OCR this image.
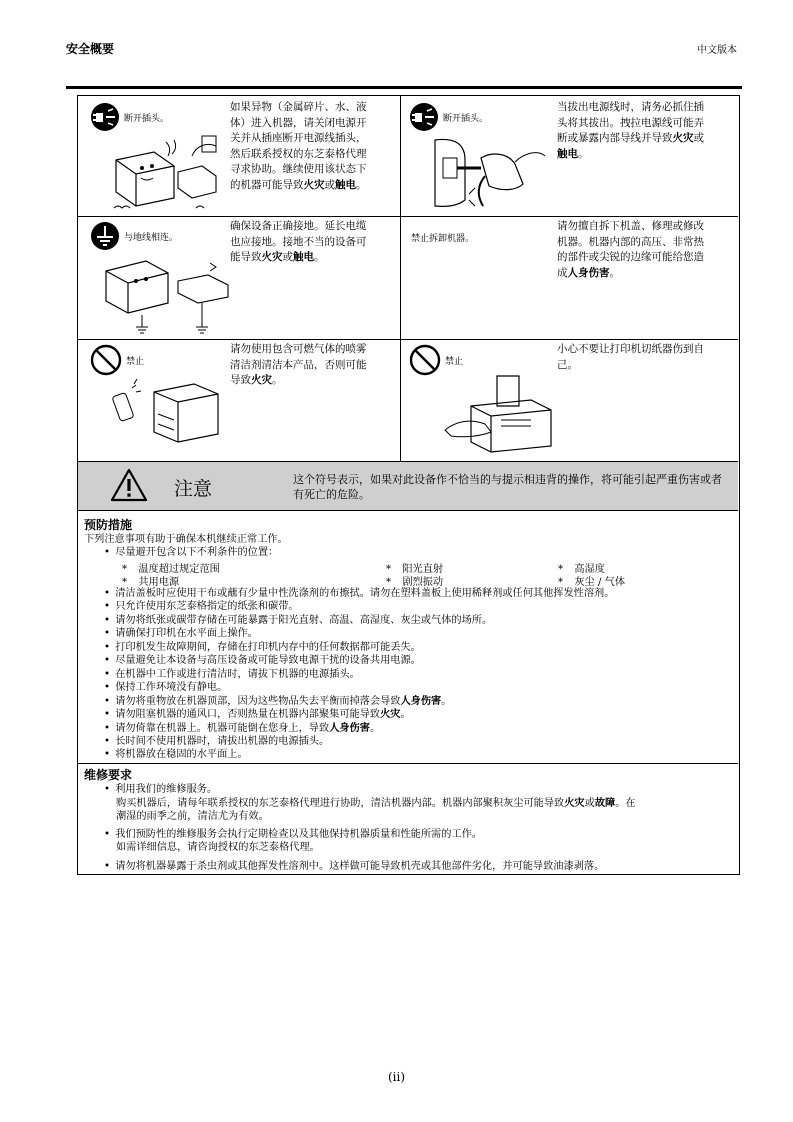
安全概要	中文版本
断开插头。
如果异物（金属碎片、水、液
体）进入机器，请关闭电源开
关并从插座断开电源线插头，
然后联系授权的东芝泰格代理
寻求协助。继续使用该状态下
的机器可能导致火灾或触电。
断开插头。
当拔出电源线时，请务必抓住插
头将其拔出。拽拉电源线可能弄
断或暴露内部导线并导致火灾或
触电。
与地线相连。
确保设备正确接地。延长电缆
也应接地。接地不当的设备可
能导致火灾或触电。
禁止拆卸机器。
请勿擅自拆下机盖、修理或修改
机器。机器内部的高压、非常热
的部件或尖锐的边缘可能给您造
成人身伤害。
禁止
请勿使用包含可燃气体的喷雾
清洁剂清洁本产品，否则可能
导致火灾。
禁止
小心不要让打印机切纸器伤到自
己。
注意	这个符号表示，如果对此设备作不恰当的与提示相违背的操作，将可能引起严重伤害或者有死亡的危险。
预防措施
下列注意事项有助于确保本机继续正常工作。
• 尽量避开包含以下不利条件的位置：
* 温度超过规定范围	* 阳光直射	* 高湿度
* 共用电源	* 剧烈振动	* 灰尘 / 气体
• 清洁盖板时应使用干布或蘸有少量中性洗涤剂的布擦拭。请勿在塑料盖板上使用稀释剂或任何其他挥发性溶剂。
• 只允许使用东芝泰格指定的纸张和碳带。
• 请勿将纸张或碳带存储在可能暴露于阳光直射、高温、高湿度、灰尘或气体的场所。
• 请确保打印机在水平面上操作。
• 打印机发生故障期间，存储在打印机内存中的任何数据都可能丢失。
• 尽量避免让本设备与高压设备或可能导致电源干扰的设备共用电源。
• 在机器中工作或进行清洁时，请拔下机器的电源插头。
• 保持工作环境没有静电。
• 请勿将重物放在机器顶部，因为这些物品失去平衡而掉落会导致人身伤害。
• 请勿阻塞机器的通风口，否则热量在机器内部聚集可能导致火灾。
• 请勿倚靠在机器上。机器可能倒在您身上，导致人身伤害。
• 长时间不使用机器时，请拔出机器的电源插头。
• 将机器放在稳固的水平面上。
维修要求
• 利用我们的维修服务。
购买机器后，请每年联系授权的东芝泰格代理进行协助，清洁机器内部。机器内部聚积灰尘可能导致火灾或故障。在
潮湿的雨季之前，清洁尤为有效。
• 我们预防性的维修服务会执行定期检查以及其他保持机器质量和性能所需的工作。
如需详细信息，请咨询授权的东芝泰格代理。
• 请勿将机器暴露于杀虫剂或其他挥发性溶剂中。这样做可能导致机壳或其他部件劣化，并可能导致油漆剥落。
(ii)
